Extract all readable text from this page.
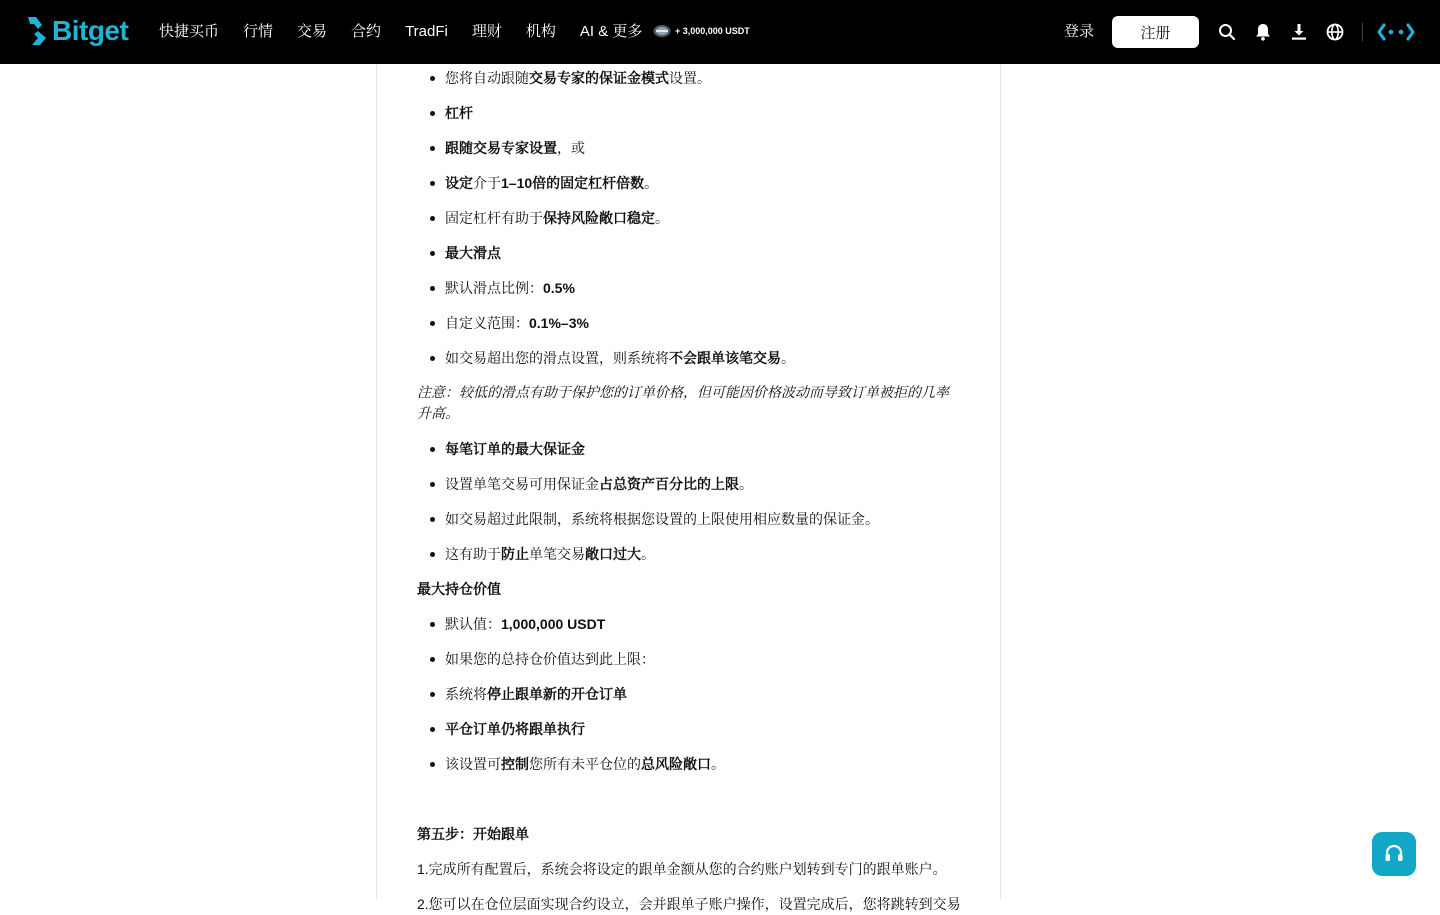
Bitget 快捷买币 行情 交易 合约 TradFi 理财 机构 AI & 更多	+ 3,000,000 USDT	登录	注册
您将自动跟随交易专家的保证金模式设置。
杠杆
跟随交易专家设置，或
设定介于1–10倍的固定杠杆倍数。
固定杠杆有助于保持风险敞口稳定。
最大滑点
默认滑点比例：0.5%
自定义范围：0.1%–3%
如交易超出您的滑点设置，则系统将不会跟单该笔交易。
注意：较低的滑点有助于保护您的订单价格，但可能因价格波动而导致订单被拒的几率升高。
每笔订单的最大保证金
设置单笔交易可用保证金占总资产百分比的上限。
如交易超过此限制，系统将根据您设置的上限使用相应数量的保证金。
这有助于防止单笔交易敞口过大。
最大持仓价值
默认值：1,000,000 USDT
如果您的总持仓价值达到此上限：
系统将停止跟单新的开仓订单
平仓订单仍将跟单执行
该设置可控制您所有未平仓位的总风险敞口。
第五步：开始跟单
1.完成所有配置后，系统会将设定的跟单金额从您的合约账户划转到专门的跟单账户。
2.您可以在仓位层面实现合约设立，会并跟单子账户操作，设置完成后，您将跳转到交易
